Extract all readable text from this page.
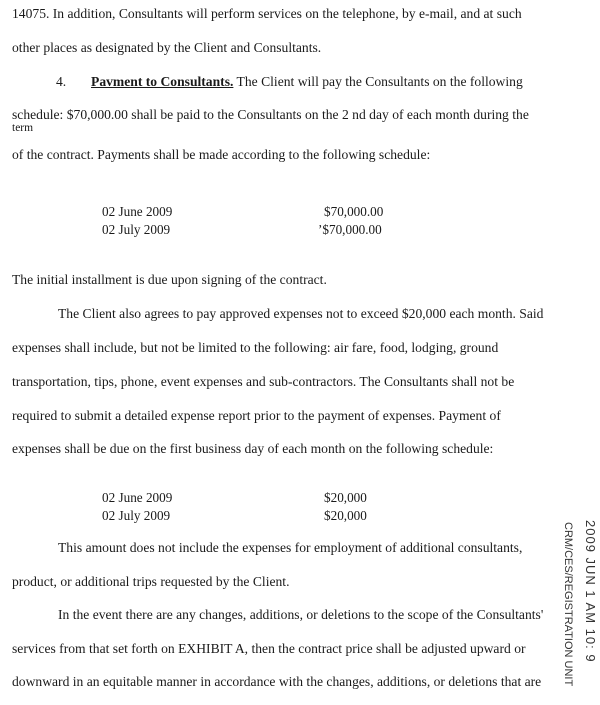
14075. In addition, Consultants will perform services on the telephone, by e-mail, and at such
other places as designated by the Client and Consultants.
4. Pavment to Consultants. The Client will pay the Consultants on the following
schedule: $70,000.00 shall be paid to the Consultants on the 2 nd day of each month during the
term
of the contract. Payments shall be made according to the following schedule:
02 June 2009	$70,000.00
02 July 2009	’$70,000.00
The initial installment is due upon signing of the contract.
The Client also agrees to pay approved expenses not to exceed $20,000 each month. Said
expenses shall include, but not be limited to the following: air fare, food, lodging, ground
transportation, tips, phone, event expenses and sub-contractors. The Consultants shall not be
required to submit a detailed expense report prior to the payment of expenses. Payment of
expenses shall be due on the first business day of each month on the following schedule:
02 June 2009	$20,000
02 July 2009	$20,000
This amount does not include the expenses for employment of additional consultants,
product, or additional trips requested by the Client.
In the event there are any changes, additions, or deletions to the scope of the Consultants'
services from that set forth on EXHIBIT A, then the contract price shall be adjusted upward or
downward in an equitable manner in accordance with the changes, additions, or deletions that are
2009 JUN 1 AM 10: 9
CRM/CES/REGISTRATION UNIT
